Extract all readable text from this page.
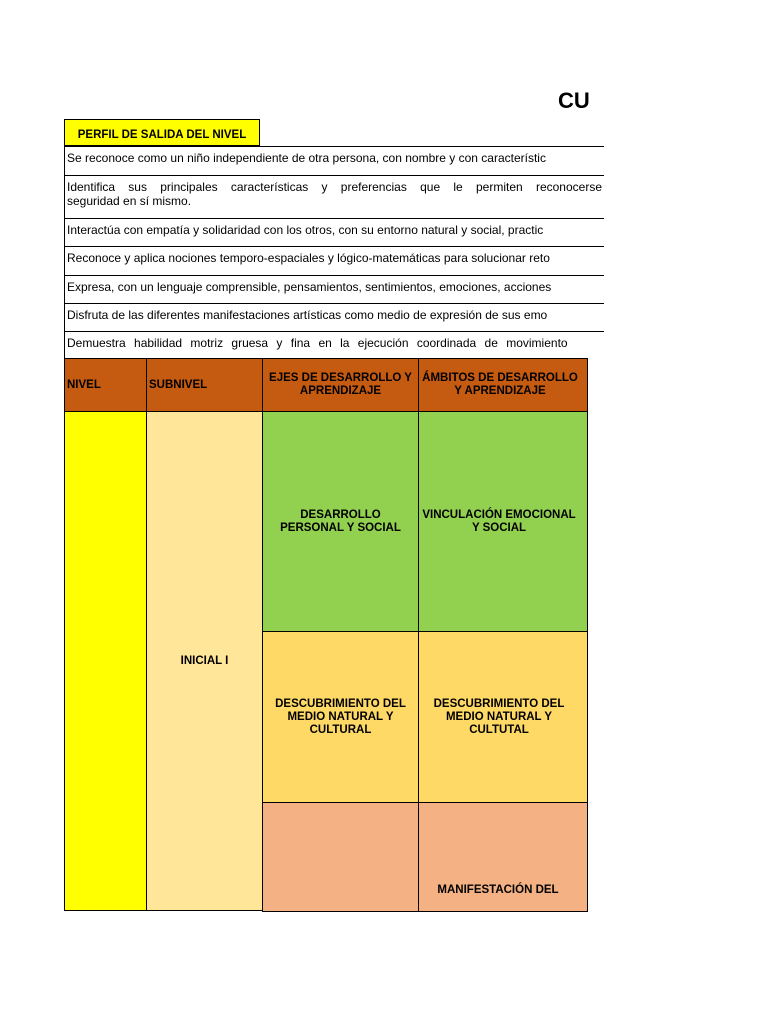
CU
PERFIL DE SALIDA DEL NIVEL
Se reconoce como un niño independiente de otra persona, con nombre y con característic
Identifica sus principales características y preferencias que le permiten reconocerse
seguridad en sí mismo.
Interactúa con empatía y solidaridad con los otros, con su entorno natural y social, practic
Reconoce y aplica nociones temporo-espaciales y lógico-matemáticas para solucionar reto
Expresa, con un lenguaje comprensible, pensamientos, sentimientos, emociones, acciones
Disfruta de las diferentes manifestaciones artísticas como medio de expresión de sus emo
Demuestra habilidad motriz gruesa y fina en la ejecución coordinada de movimiento
NIVEL	SUBNIVEL
EJES DE DESARROLLO Y APRENDIZAJE
ÁMBITOS DE DESARROLLO Y APRENDIZAJE
INICIAL I
DESARROLLO PERSONAL Y SOCIAL
VINCULACIÓN EMOCIONAL Y SOCIAL
DESCUBRIMIENTO DEL MEDIO NATURAL Y CULTURAL
DESCUBRIMIENTO DEL MEDIO NATURAL Y CULTUTAL
MANIFESTACIÓN DEL
